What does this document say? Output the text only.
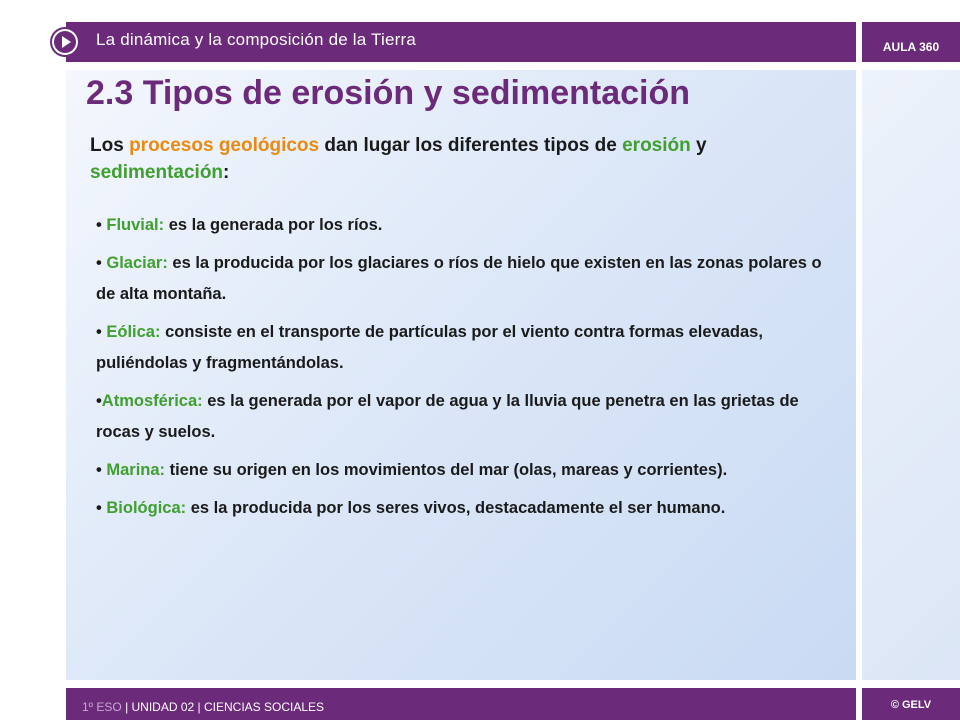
La dinámica y la composición de la Tierra	AULA 360
2.3 Tipos de erosión y sedimentación
Los procesos geológicos dan lugar los diferentes tipos de erosión y sedimentación:
• Fluvial: es la generada por los ríos.
• Glaciar: es la producida por los glaciares o ríos de hielo que existen en las zonas polares o de alta montaña.
• Eólica: consiste en el transporte de partículas por el viento contra formas elevadas, puliéndolas y fragmentándolas.
•Atmosférica: es la generada por el vapor de agua y la lluvia que penetra en las grietas de rocas y suelos.
• Marina: tiene su origen en los movimientos del mar (olas, mareas y corrientes).
• Biológica: es la producida por los seres vivos, destacadamente el ser humano.
1º ESO | UNIDAD 02 | CIENCIAS SOCIALES	© GELV
